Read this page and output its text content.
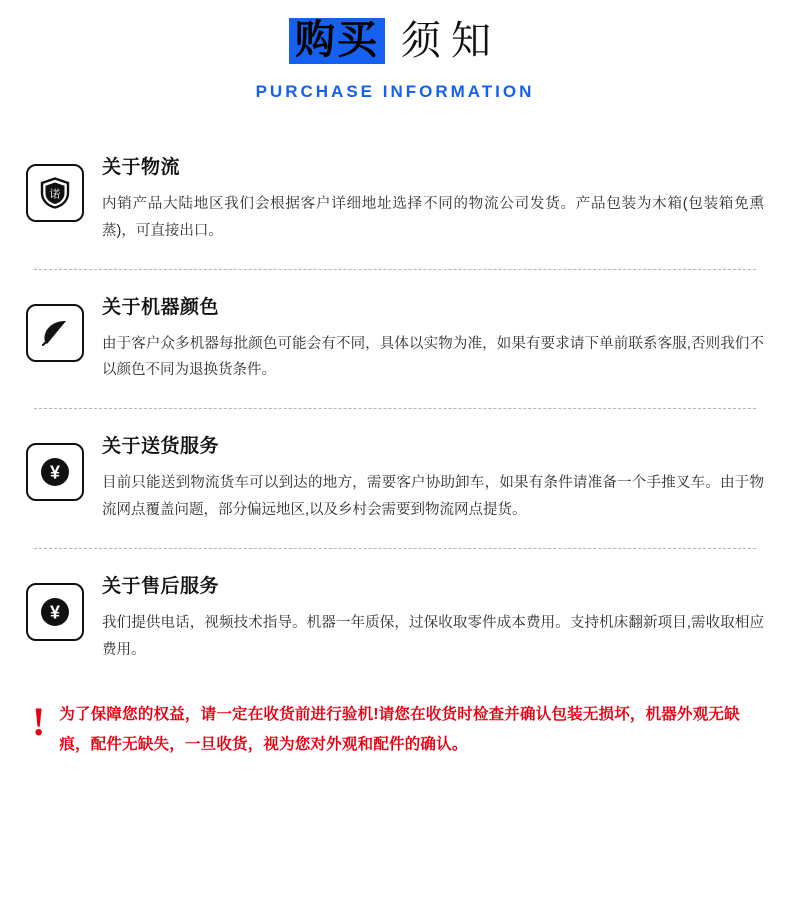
购买 须知
PURCHASE INFORMATION
诺

关于物流

内销产品大陆地区我们会根据客户详细地址选择不同的物流公司发货。产品包装为木箱(包装箱免熏蒸)，可直接出口。

关于机器颜色

由于客户众多机器每批颜色可能会有不同，具体以实物为准，如果有要求请下单前联系客服,否则我们不以颜色不同为退换货条件。

¥

关于送货服务

目前只能送到物流货车可以到达的地方，需要客户协助卸车，如果有条件请准备一个手推叉车。由于物流网点覆盖问题，部分偏远地区,以及乡村会需要到物流网点提货。

¥

关于售后服务

我们提供电话，视频技术指导。机器一年质保，过保收取零件成本费用。支持机床翻新项目,需收取相应费用。

! 为了保障您的权益，请一定在收货前进行验机!请您在收货时检查并确认包装无损坏，机器外观无缺痕，配件无缺失，一旦收货，视为您对外观和配件的确认。
